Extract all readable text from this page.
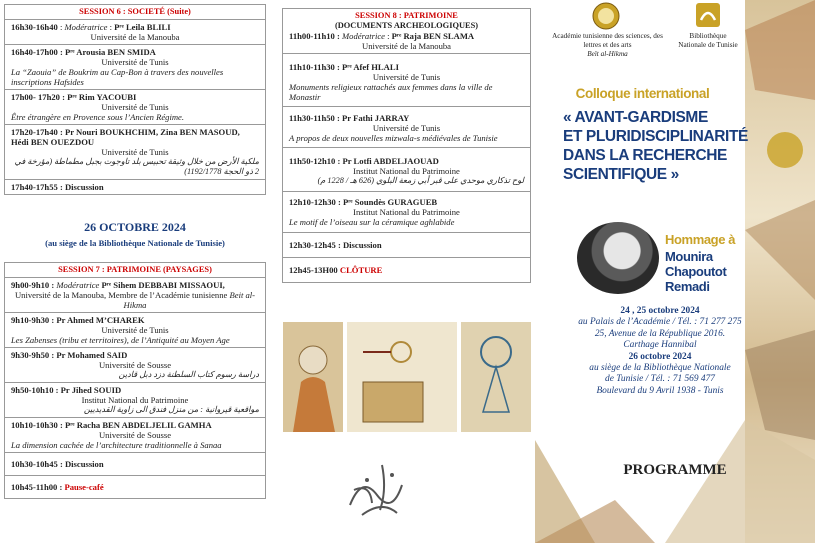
SESSION 6 : SOCIETÉ (Suite)
16h30-16h40 : Modératrice : Pʳᵉ Leila BLILI
Université de la Manouba
16h40-17h00 : Pʳᵉ Arousia BEN SMIDA
Université de Tunis
La “Zaouia” de Boukrim au Cap-Bon à travers des nouvelles inscriptions Hafsides
17h00- 17h20 : Pʳᵉ Rim YACOUBI
Université de Tunis
Être étrangère en Provence sous l’Ancien Régime.
17h20-17h40 : Pr Nouri BOUKHCHIM, Zina BEN MASOUD, Hédi BEN OUEZDOU
Université de Tunis
ملكية الأرض من خلال وثيقة تحبيس بلد تاوجوت بجبل مطماطة (مؤرخة في 2 ذو الحجة 1192/1778)
17h40-17h55 : Discussion
26 OCTOBRE 2024
(au siège de la Bibliothèque Nationale de Tunisie)
SESSION 7 : PATRIMOINE (PAYSAGES)
9h00-9h10 : Modératrice Pʳᵉ Sihem DEBBABI MISSAOUI,
Université de la Manouba, Membre de l’Académie tunisienne Beit al-Hikma
9h10-9h30 : Pr Ahmed M’CHAREK
Université de Tunis
Les Zabenses (tribu et territoires), de l’Antiquité au Moyen Age
9h30-9h50 : Pr Mohamed SAID
Université de Sousse
دراسة رسوم كتاب السلطنة دزد دبل قادين
9h50-10h10 : Pr Jihed SOUID
Institut National du Patrimoine
مواقعية قيروانية : من منزل فندق الى زاوية القديديين
10h10-10h30 : Pʳᵉ Racha BEN ABDELJELIL GAMHA
Université de Sousse
La dimension cachée de l’architecture traditionnelle à Sanaa
10h30-10h45 : Discussion
10h45-11h00 : Pause-café
SESSION 8 : PATRIMOINE
(DOCUMENTS ARCHEOLOGIQUES)
11h00-11h10 : Modératrice : Pʳᵉ Raja BEN SLAMA
Université de la Manouba
11h10-11h30 : Pʳᵉ Afef HLALI
Université de Tunis
Monuments religieux rattachés aux femmes dans la ville de Monastir
11h30-11h50 : Pr Fathi JARRAY
Université de Tunis
A propos de deux nouvelles mizwala-s médiévales de Tunisie
11h50-12h10 : Pr Lotfi ABDELJAOUAD
Institut National du Patrimoine
لوح تذكاري موحدي على قبر أبي زمعة البلوي (626 هـ / 1228 م)
12h10-12h30 : Pʳᵉ Soundès GURAGUEB
Institut National du Patrimoine
Le motif de l’oiseau sur la céramique aghlabide
12h30-12h45 : Discussion
12h45-13H00 CLÔTURE
Académie tunisienne des sciences, des lettres et des arts
Beït al-Hikma
Bibliothèque Nationale de Tunisie
Colloque international
« AVANT-GARDISME
ET PLURIDISCIPLINARITÉ
DANS LA RECHERCHE
SCIENTIFIQUE »
Hommage à
Mounira Chapoutot
Remadi
24 , 25 octobre 2024
au Palais de l’Académie / Tél. : 71 277 275
25, Avenue de la République 2016.
Carthage Hannibal
26 octobre 2024
au siège de la Bibliothèque Nationale
de Tunisie / Tél. : 71 569 477
Boulevard du 9 Avril 1938 - Tunis
PROGRAMME
